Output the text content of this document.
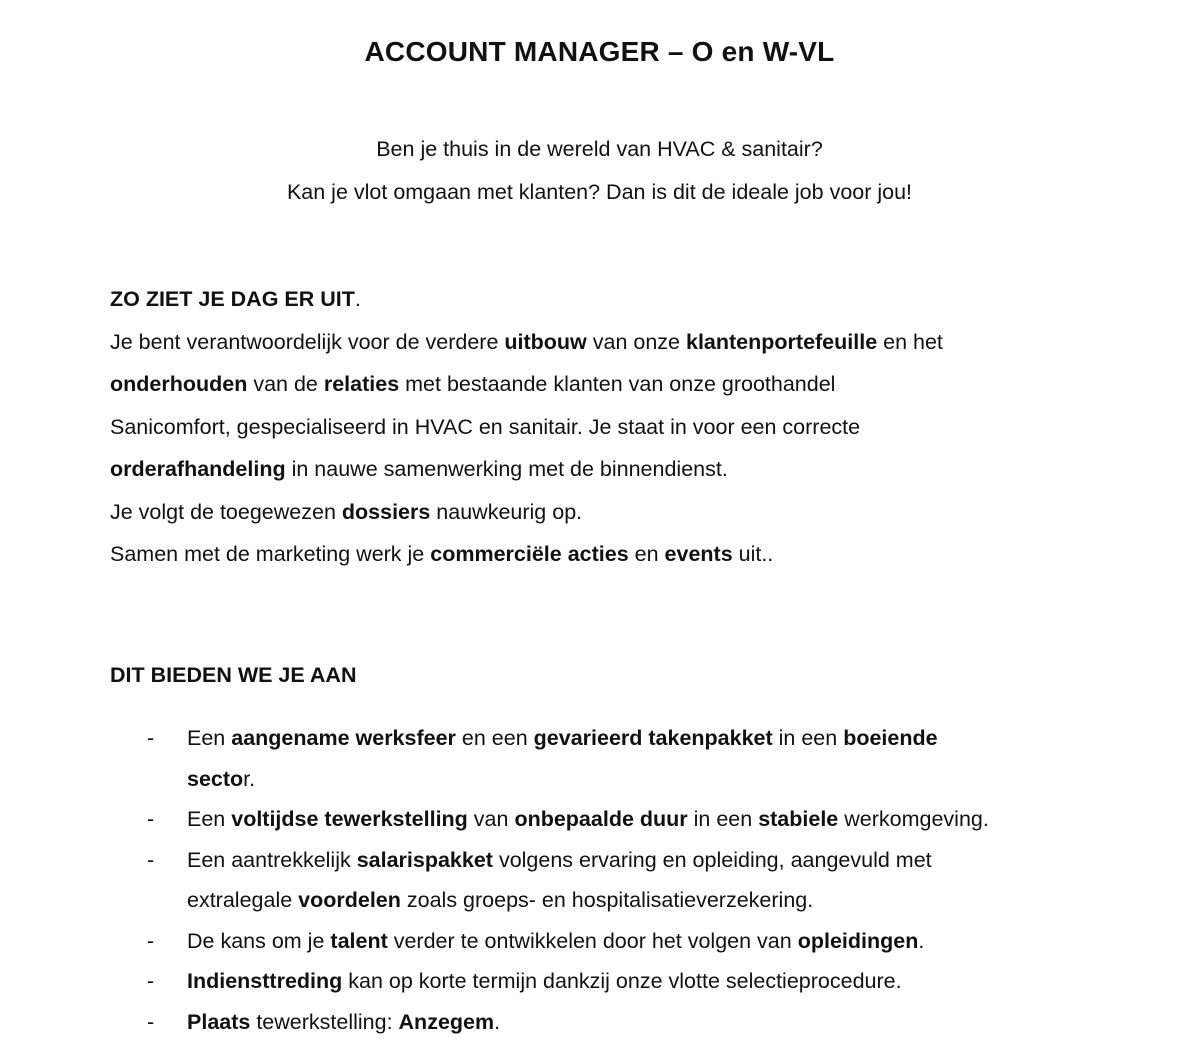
ACCOUNT MANAGER – O en W-VL

Ben je thuis in de wereld van HVAC & sanitair?

Kan je vlot omgaan met klanten? Dan is dit de ideale job voor jou!

ZO ZIET JE DAG ER UIT.

Je bent verantwoordelijk voor de verdere uitbouw van onze klantenportefeuille en het
onderhouden van de relaties met bestaande klanten van onze groothandel
Sanicomfort, gespecialiseerd in HVAC en sanitair. Je staat in voor een correcte
orderafhandeling in nauwe samenwerking met de binnendienst.
Je volgt de toegewezen dossiers nauwkeurig op.
Samen met de marketing werk je commerciële acties en events uit..

DIT BIEDEN WE JE AAN

- Een aangename werksfeer en een gevarieerd takenpakket in een boeiende
sector.
- Een voltijdse tewerkstelling van onbepaalde duur in een stabiele werkomgeving.
- Een aantrekkelijk salarispakket volgens ervaring en opleiding, aangevuld met
extralegale voordelen zoals groeps- en hospitalisatieverzekering.
- De kans om je talent verder te ontwikkelen door het volgen van opleidingen.
- Indiensttreding kan op korte termijn dankzij onze vlotte selectieprocedure.
- Plaats tewerkstelling: Anzegem.
